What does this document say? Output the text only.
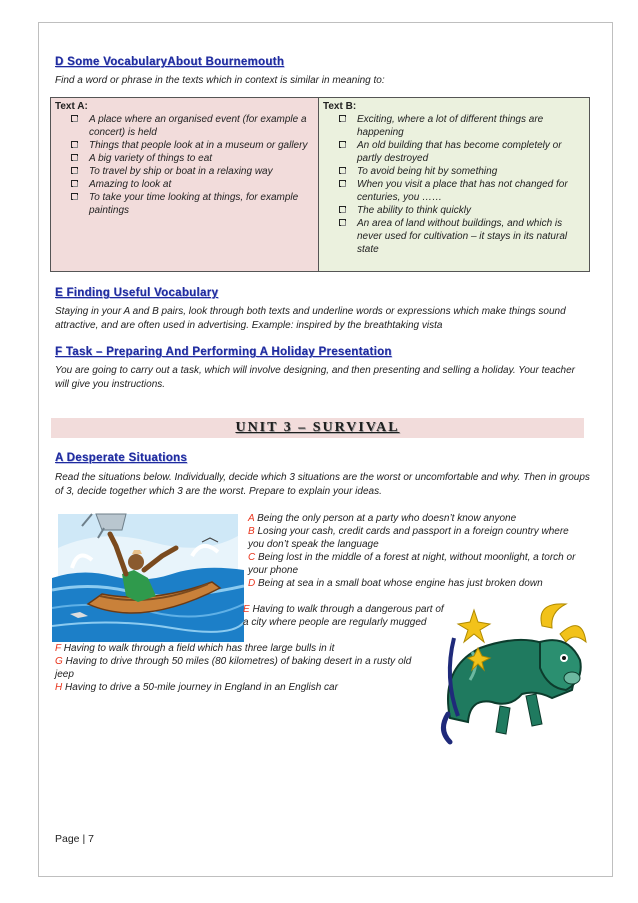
D Some VocabularyAbout Bournemouth
Find a word or phrase in the texts which in context is similar in meaning to:
Text A:
A place where an organised event (for example a concert) is held
Things that people look at in a museum or gallery
A big variety of things to eat
To travel by ship or boat in a relaxing way
Amazing to look at
To take your time looking at things, for example paintings
Text B:
Exciting, where a lot of different things are happening
An old building that has become completely or partly destroyed
To avoid being hit by something
When you visit a place that has not changed for centuries, you ……
The ability to think quickly
An area of land without buildings, and which is never used for cultivation – it stays in its natural state
E Finding Useful Vocabulary
Staying in your A and B pairs, look through both texts and underline words or expressions which make things sound attractive, and are often used in advertising. Example: inspired by the breathtaking vista
F Task – Preparing And Performing A Holiday Presentation
You are going to carry out a task, which will involve designing, and then presenting and selling a holiday. Your teacher will give you instructions.
UNIT 3 – SURVIVAL
A Desperate Situations
Read the situations below. Individually, decide which 3 situations are the worst or uncomfortable and why. Then in groups of 3, decide together which 3 are the worst. Prepare to explain your ideas.
A Being the only person at a party who doesn’t know anyone
B Losing your cash, credit cards and passport in a foreign country where you don’t speak the language
C Being lost in the middle of a forest at night, without moonlight, a torch or your phone
D Being at sea in a small boat whose engine has just broken down
E Having to walk through a dangerous part of a city where people are regularly mugged
F Having to walk through a field which has three large bulls in it
G Having to drive through 50 miles (80 kilometres) of baking desert in a rusty old jeep
H Having to drive a 50-mile journey in England in an English car
Page | 7
